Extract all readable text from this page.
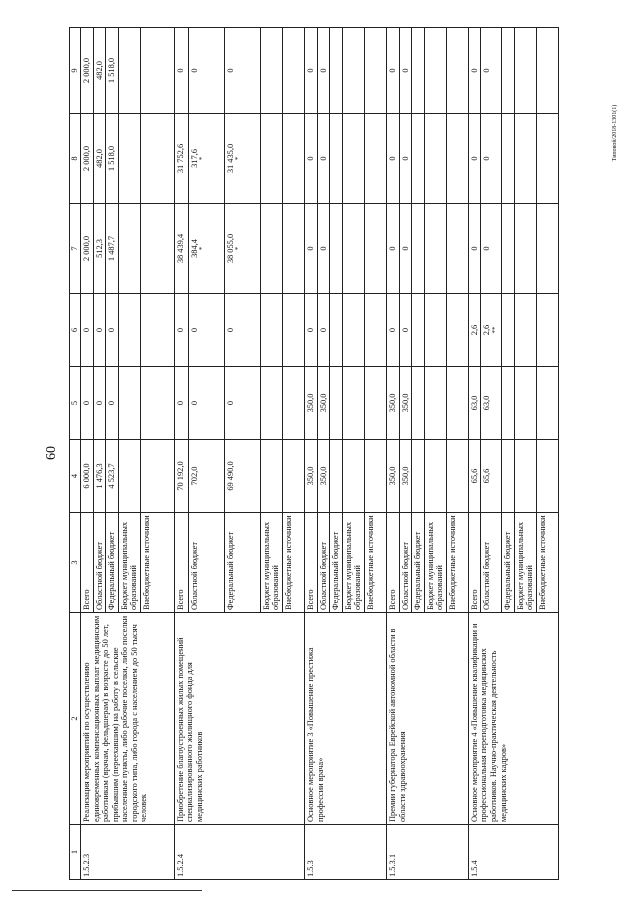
60
Типовой/2018-1301(1)
1	2	3	4	5	6	7	8	9
1.5.2.3	Реализация мероприятий по осуществлению единовременных компенсационных выплат медицинским работникам (врачам, фельдшерам) в возрасте до 50 лет, прибывшим (переехавшим) на работу в сельские населенные пункты, либо рабочие поселки, либо поселки городского типа, либо города с населением до 50 тысяч человек	Всего	6 000,0	0	0	2 000,0	2 000,0	2 000,0
		Областной бюджет	1 476,3	0	0	512,3	482,0	482,0
		Федеральный бюджет	4 523,7	0	0	1 487,7	1 518,0	1 518,0
		Бюджет муниципальных образований						
		Внебюджетные источники						
1.5.2.4	Приобретение благоустроенных жилых помещений специализированного жилищного фонда для медицинских работников	Всего	70 192,0	0	0	38 439,4	31 752,6	0
		Областной бюджет	702,0	0	0	384,4 *	317,6 *	0
		Федеральный бюджет	69 490,0	0	0	38 055,0 *	31 435,0 *	0
		Бюджет муниципальных образований						
		Внебюджетные источники						
1.5.3	Основное мероприятие 3 «Повышение престижа профессии врача»	Всего	350,0	350,0	0	0	0	0
		Областной бюджет	350,0	350,0	0	0	0	0
		Федеральный бюджет						
		Бюджет муниципальных образований						
		Внебюджетные источники						
1.5.3.1	Премии губернатора Еврейской автономной области в области здравоохранения	Всего	350,0	350,0	0	0	0	0
		Областной бюджет	350,0	350,0	0	0	0	0
		Федеральный бюджет						
		Бюджет муниципальных образований						
		Внебюджетные источники						
1.5.4	Основное мероприятие 4 «Повышение квалификации и профессиональная переподготовка медицинских работников. Научно-практическая деятельность медицинских кадров»	Всего	65,6	63,0	2,6	0	0	0
		Областной бюджет	65,6	63,0	2,6 **	0	0	0
		Федеральный бюджет						
		Бюджет муниципальных образований						
		Внебюджетные источники						
